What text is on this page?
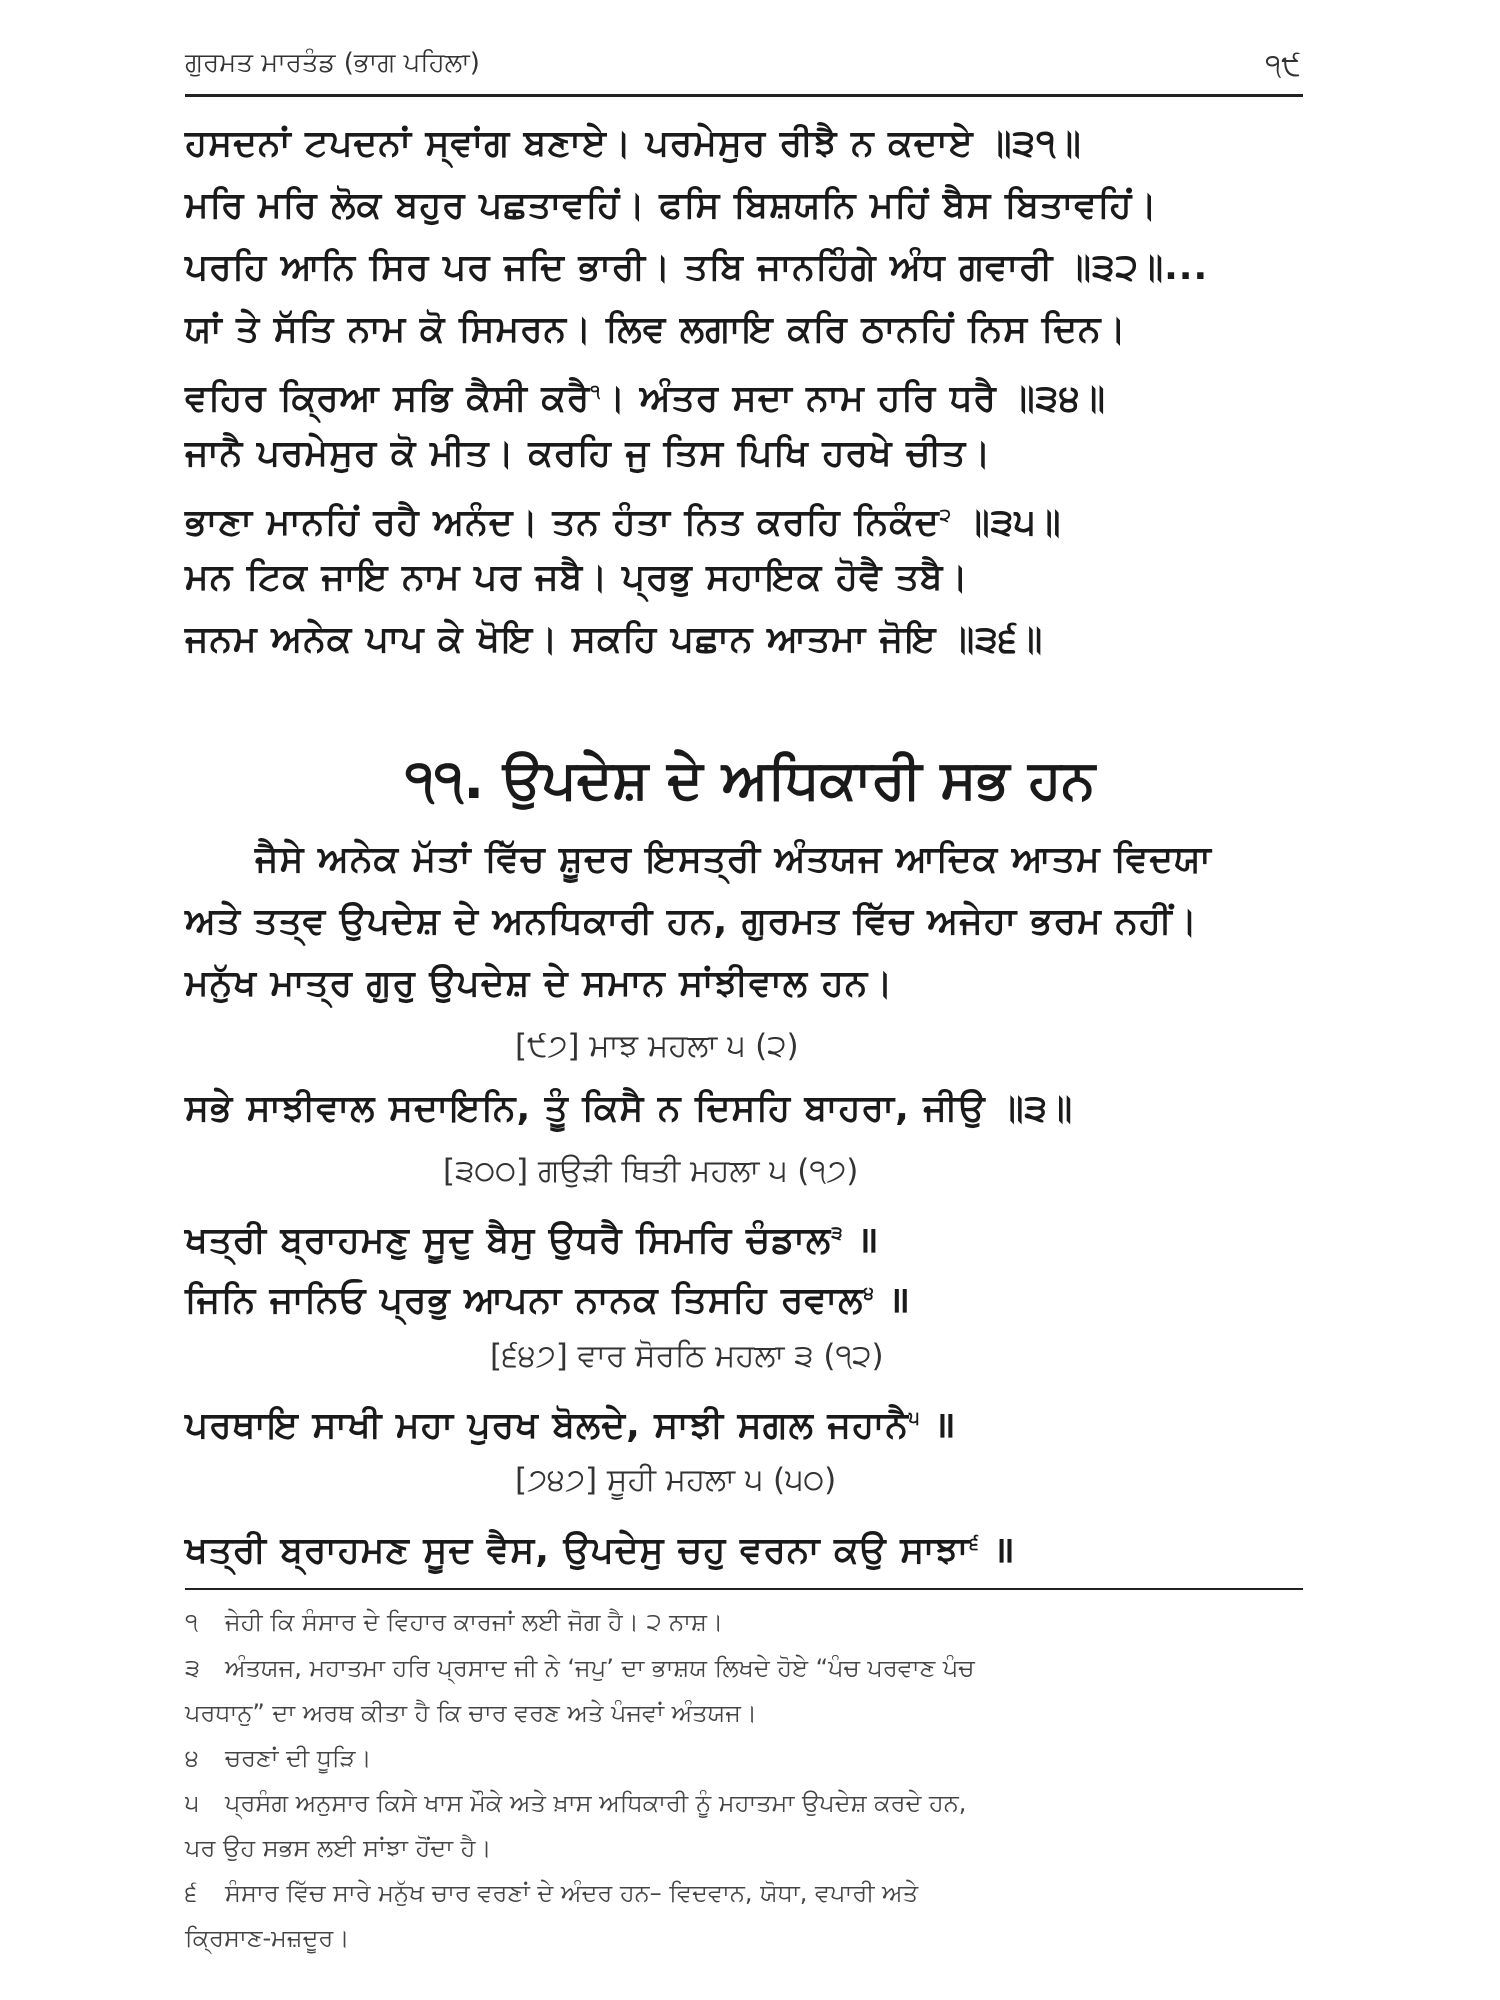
ਗੁਰਮਤ ਮਾਰਤੰਡ (ਭਾਗ ਪਹਿਲਾ)	੧੯
ਹਸਦਨਾਂ ਟਪਦਨਾਂ ਸ੍ਵਾਂਗ ਬਣਾਏ। ਪਰਮੇਸੁਰ ਰੀਝੈ ਨ ਕਦਾਏ ॥੩੧॥
ਮਰਿ ਮਰਿ ਲੋਕ ਬਹੁਰ ਪਛਤਾਵਹਿਂ। ਫਸਿ ਬਿਸ਼ਯਨਿ ਮਹਿਂ ਬੈਸ ਬਿਤਾਵਹਿਂ।
ਪਰਹਿ ਆਨਿ ਸਿਰ ਪਰ ਜਦਿ ਭਾਰੀ। ਤਬਿ ਜਾਨਹਿੰਗੇ ਅੰਧ ਗਵਾਰੀ ॥੩੨॥...
ਯਾਂ ਤੇ ਸੱਤਿ ਨਾਮ ਕੋ ਸਿਮਰਨ। ਲਿਵ ਲਗਾਇ ਕਰਿ ਠਾਨਹਿਂ ਨਿਸ ਦਿਨ।
ਵਹਿਰ ਕ੍ਰਿਆ ਸਭਿ ਕੈਸੀ ਕਰੈ$^੧$। ਅੰਤਰ ਸਦਾ ਨਾਮ ਹਰਿ ਧਰੈ ॥੩੪॥
ਜਾਨੈ ਪਰਮੇਸੁਰ ਕੋ ਮੀਤ। ਕਰਹਿ ਜੁ ਤਿਸ ਪਿਖਿ ਹਰਖੇ ਚੀਤ।
ਭਾਣਾ ਮਾਨਹਿਂ ਰਹੈ ਅਨੰਦ। ਤਨ ਹੰਤਾ ਨਿਤ ਕਰਹਿ ਨਿਕੰਦ$^੨$ ॥੩੫॥
ਮਨ ਟਿਕ ਜਾਇ ਨਾਮ ਪਰ ਜਬੈ। ਪ੍ਰਭੁ ਸਹਾਇਕ ਹੋਵੈ ਤਬੈ।
ਜਨਮ ਅਨੇਕ ਪਾਪ ਕੇ ਖੋਇ। ਸਕਹਿ ਪਛਾਨ ਆਤਮਾ ਜੋਇ ॥੩੬॥
੧੧. ਉਪਦੇਸ਼ ਦੇ ਅਧਿਕਾਰੀ ਸਭ ਹਨ
ਜੈਸੇ ਅਨੇਕ ਮੱਤਾਂ ਵਿੱਚ ਸ਼ੂਦਰ ਇਸਤ੍ਰੀ ਅੰਤਯਜ ਆਦਿਕ ਆਤਮ ਵਿਦਯਾ
ਅਤੇ ਤਤ੍ਵ ਉਪਦੇਸ਼ ਦੇ ਅਨਧਿਕਾਰੀ ਹਨ, ਗੁਰਮਤ ਵਿੱਚ ਅਜੇਹਾ ਭਰਮ ਨਹੀਂ।
ਮਨੁੱਖ ਮਾਤ੍ਰ ਗੁਰੁ ਉਪਦੇਸ਼ ਦੇ ਸਮਾਨ ਸਾਂਝੀਵਾਲ ਹਨ।
[੯੭] ਮਾਝ ਮਹਲਾ ੫ (੨)
ਸਭੇ ਸਾਝੀਵਾਲ ਸਦਾਇਨਿ, ਤੂੰ ਕਿਸੈ ਨ ਦਿਸਹਿ ਬਾਹਰਾ, ਜੀਉ ॥੩॥
[੩੦੦] ਗਉੜੀ ਥਿਤੀ ਮਹਲਾ ੫ (੧੭)
ਖਤ੍ਰੀ ਬ੍ਰਾਹਮਣੁ ਸੂਦੁ ਬੈਸੁ ਉਧਰੈ ਸਿਮਰਿ ਚੰਡਾਲ$^੩$ ॥
ਜਿਨਿ ਜਾਨਿਓ ਪ੍ਰਭੁ ਆਪਨਾ ਨਾਨਕ ਤਿਸਹਿ ਰਵਾਲ$^੪$ ॥
[੬੪੭] ਵਾਰ ਸੋਰਠਿ ਮਹਲਾ ੩ (੧੨)
ਪਰਥਾਇ ਸਾਖੀ ਮਹਾ ਪੁਰਖ ਬੋਲਦੇ, ਸਾਝੀ ਸਗਲ ਜਹਾਨੈ$^੫$ ॥
[੭੪੭] ਸੂਹੀ ਮਹਲਾ ੫ (੫੦)
ਖਤ੍ਰੀ ਬ੍ਰਾਹਮਣ ਸੂਦ ਵੈਸ, ਉਪਦੇਸੁ ਚਹੁ ਵਰਨਾ ਕਉ ਸਾਝਾ$^੬$ ॥
੧ ਜੇਹੀ ਕਿ ਸੰਸਾਰ ਦੇ ਵਿਹਾਰ ਕਾਰਜਾਂ ਲਈ ਜੋਗ ਹੈ। ੨ ਨਾਸ਼।
੩ ਅੰਤਯਜ, ਮਹਾਤਮਾ ਹਰਿ ਪ੍ਰਸਾਦ ਜੀ ਨੇ ‘ਜਪੁ’ ਦਾ ਭਾਸ਼ਯ ਲਿਖਦੇ ਹੋਏ “ਪੰਚ ਪਰਵਾਣ ਪੰਚ
ਪਰਧਾਨੁ” ਦਾ ਅਰਥ ਕੀਤਾ ਹੈ ਕਿ ਚਾਰ ਵਰਣ ਅਤੇ ਪੰਜਵਾਂ ਅੰਤਯਜ।
੪ ਚਰਣਾਂ ਦੀ ਧੂੜਿ।
੫ ਪ੍ਰਸੰਗ ਅਨੁਸਾਰ ਕਿਸੇ ਖਾਸ ਮੌਕੇ ਅਤੇ ਖ਼ਾਸ ਅਧਿਕਾਰੀ ਨੂੰ ਮਹਾਤਮਾ ਉਪਦੇਸ਼ ਕਰਦੇ ਹਨ,
ਪਰ ਉਹ ਸਭਸ ਲਈ ਸਾਂਝਾ ਹੋਂਦਾ ਹੈ।
੬ ਸੰਸਾਰ ਵਿੱਚ ਸਾਰੇ ਮਨੁੱਖ ਚਾਰ ਵਰਣਾਂ ਦੇ ਅੰਦਰ ਹਨ– ਵਿਦਵਾਨ, ਯੋਧਾ, ਵਪਾਰੀ ਅਤੇ
ਕ੍ਰਿਸਾਣ-ਮਜ਼ਦੂਰ।
